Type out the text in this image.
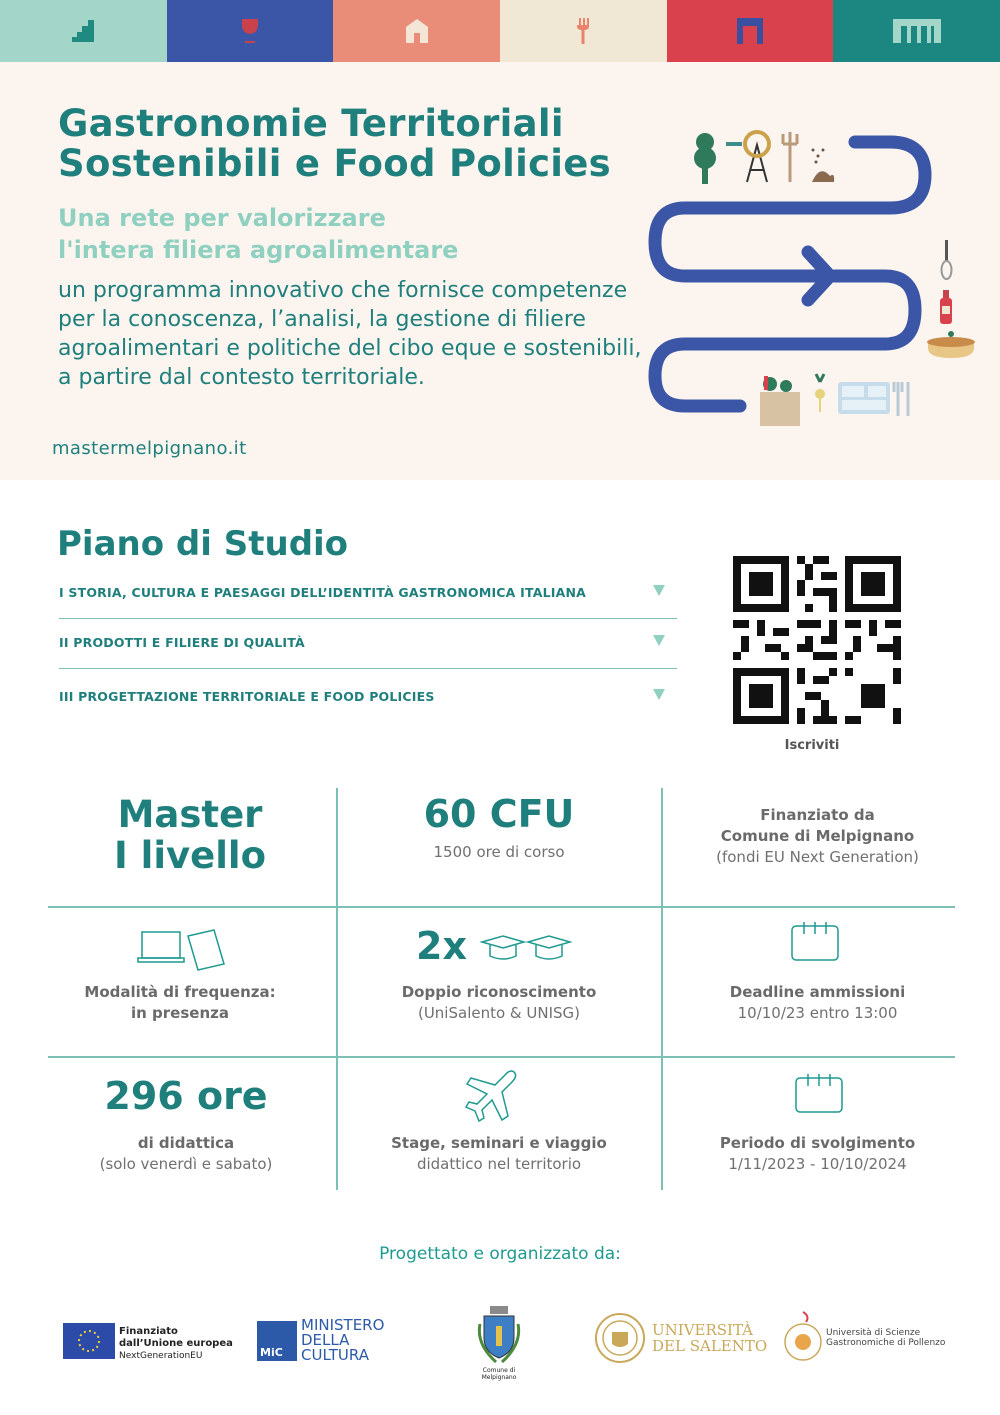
Gastronomie Territoriali
Sostenibili e Food Policies
Una rete per valorizzare
l'intera filiera agroalimentare
un programma innovativo che fornisce competenze per la conoscenza, l’analisi, la gestione di filiere agroalimentari e politiche del cibo eque e sostenibili, a partire dal contesto territoriale.
mastermelpignano.it
Piano di Studio
I STORIA, CULTURA E PAESAGGI DELL’IDENTITÀ GASTRONOMICA ITALIANA
II PRODOTTI E FILIERE DI QUALITÀ
III PROGETTAZIONE TERRITORIALE E FOOD POLICIES
Iscriviti
Master
I livello
60 CFU
1500 ore di corso
Finanziato da
Comune di Melpignano
(fondi EU Next Generation)
Modalità di frequenza:
in presenza
2x
Doppio riconoscimento
(UniSalento & UNISG)
Deadline ammissioni
10/10/23 entro 13:00
296 ore
di didattica
(solo venerdì e sabato)
Stage, seminari e viaggio
didattico nel territorio
Periodo di svolgimento
1/11/2023 - 10/10/2024
Progettato e organizzato da:
Finanziato
dall’Unione europea
NextGenerationEU	MiC
MINISTERO
DELLA
CULTURA
Comune di Melpignano
UNIVERSITÀ
DEL SALENTO
Università di Scienze
Gastronomiche di Pollenzo
